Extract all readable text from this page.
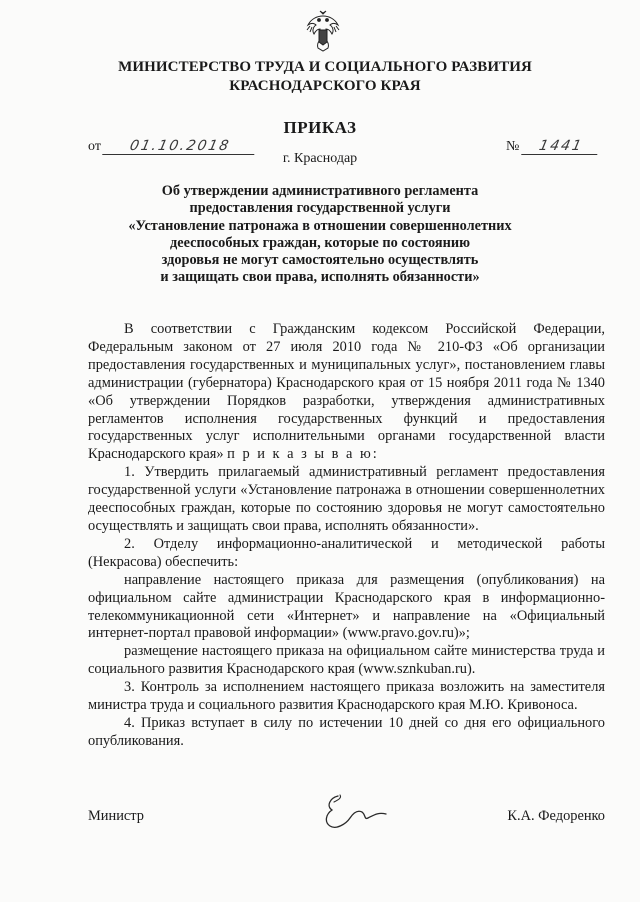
МИНИСТЕРСТВО ТРУДА И СОЦИАЛЬНОГО РАЗВИТИЯ
КРАСНОДАРСКОГО КРАЯ
ПРИКАЗ
от 01.10.2018	№ 1441
г. Краснодар
Об утверждении административного регламента
предоставления государственной услуги
«Установление патронажа в отношении совершеннолетних
дееспособных граждан, которые по состоянию
здоровья не могут самостоятельно осуществлять
и защищать свои права, исполнять обязанности»

В соответствии с Гражданским кодексом Российской Федерации, Федеральным законом от 27 июля 2010 года № 210-ФЗ «Об организации предоставления государственных и муниципальных услуг», постановлением главы администрации (губернатора) Краснодарского края от 15 ноября 2011 года № 1340 «Об утверждении Порядков разработки, утверждения административных регламентов исполнения государственных функций и предоставления государственных услуг исполнительными органами государственной власти Краснодарского края» п р и к а з ы в а ю:

1. Утвердить прилагаемый административный регламент предоставления государственной услуги «Установление патронажа в отношении совершеннолетних дееспособных граждан, которые по состоянию здоровья не могут самостоятельно осуществлять и защищать свои права, исполнять обязанности».

2. Отделу информационно-аналитической и методической работы (Некрасова) обеспечить:

направление настоящего приказа для размещения (опубликования) на официальном сайте администрации Краснодарского края в информационно-телекоммуникационной сети «Интернет» и направление на «Официальный интернет-портал правовой информации» (www.pravo.gov.ru)»;

размещение настоящего приказа на официальном сайте министерства труда и социального развития Краснодарского края (www.sznkuban.ru).

3. Контроль за исполнением настоящего приказа возложить на заместителя министра труда и социального развития Краснодарского края М.Ю. Кривоноса.

4. Приказ вступает в силу по истечении 10 дней со дня его официального опубликования.

Министр	К.А. Федоренко
